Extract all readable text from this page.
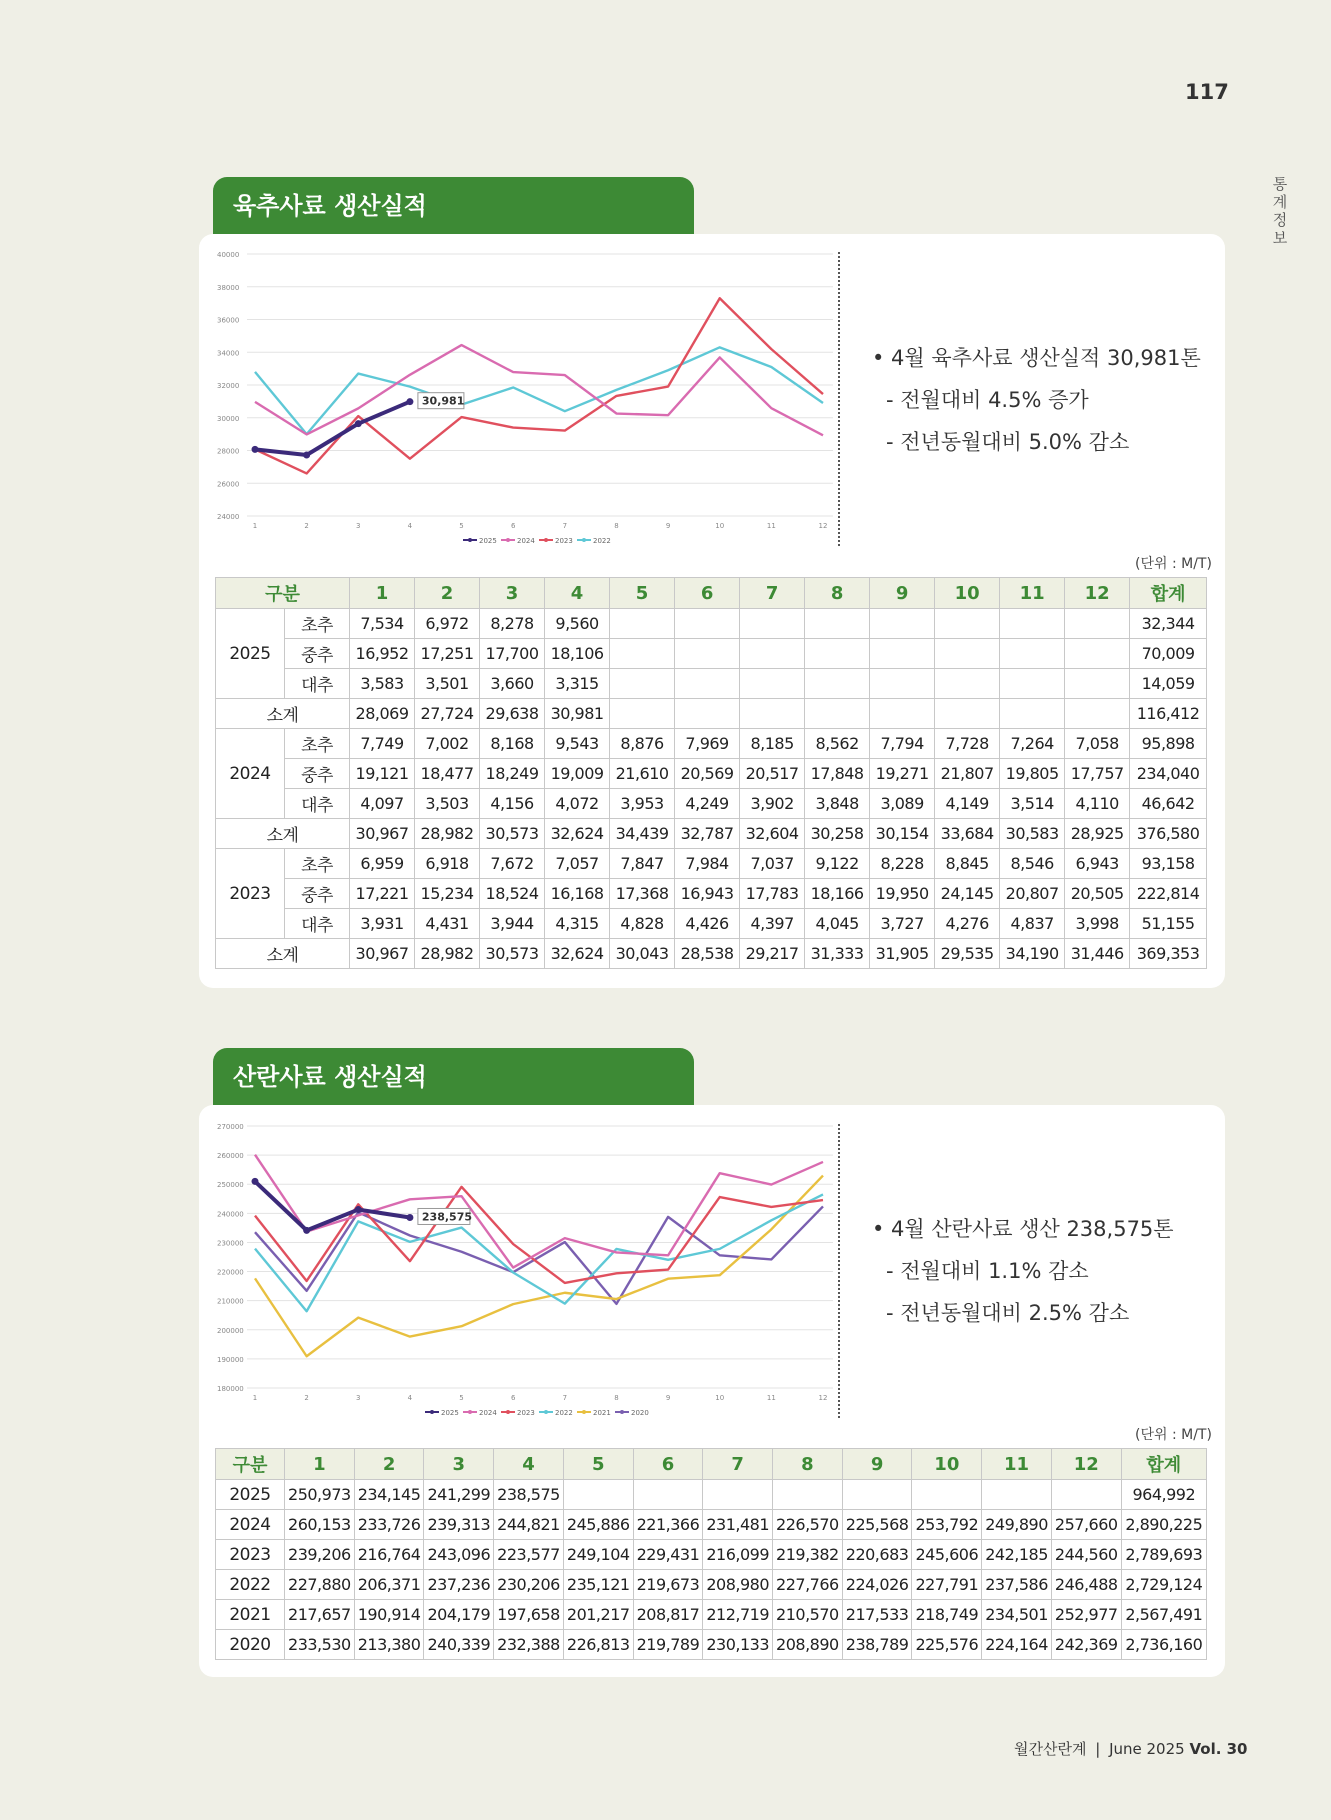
117
통계 정보
육추사료 생산실적
24000
26000
28000
30000
32000
34000
36000
38000
40000
1	2	3	4	5	6	7	8	9	10	11	12
30,981
2025	2024	2023	2022
• 4월 육추사료 생산실적 30,981톤
- 전월대비 4.5% 증가
- 전년동월대비 5.0% 감소
(단위 : M/T)
구분		1	2	3	4	5	6	7	8	9	10	11	12	합계
2025	초추	7,534	6,972	8,278	9,560									32,344
	중추	16,952	17,251	17,700	18,106									70,009
	대추	3,583	3,501	3,660	3,315									14,059
소계		28,069	27,724	29,638	30,981									116,412
2024	초추	7,749	7,002	8,168	9,543	8,876	7,969	8,185	8,562	7,794	7,728	7,264	7,058	95,898
	중추	19,121	18,477	18,249	19,009	21,610	20,569	20,517	17,848	19,271	21,807	19,805	17,757	234,040
	대추	4,097	3,503	4,156	4,072	3,953	4,249	3,902	3,848	3,089	4,149	3,514	4,110	46,642
소계		30,967	28,982	30,573	32,624	34,439	32,787	32,604	30,258	30,154	33,684	30,583	28,925	376,580
2023	초추	6,959	6,918	7,672	7,057	7,847	7,984	7,037	9,122	8,228	8,845	8,546	6,943	93,158
	중추	17,221	15,234	18,524	16,168	17,368	16,943	17,783	18,166	19,950	24,145	20,807	20,505	222,814
	대추	3,931	4,431	3,944	4,315	4,828	4,426	4,397	4,045	3,727	4,276	4,837	3,998	51,155
소계		30,967	28,982	30,573	32,624	30,043	28,538	29,217	31,333	31,905	29,535	34,190	31,446	369,353
산란사료 생산실적
180000
190000
200000
210000
220000
230000
240000
250000
260000
270000
1	2	3	4	5	6	7	8	9	10	11	12
238,575
2025	2024	2023	2022	2021	2020
• 4월 산란사료 생산 238,575톤
- 전월대비 1.1% 감소
- 전년동월대비 2.5% 감소
(단위 : M/T)
구분	1	2	3	4	5	6	7	8	9	10	11	12	합계
2025	250,973	234,145	241,299	238,575									964,992
2024	260,153	233,726	239,313	244,821	245,886	221,366	231,481	226,570	225,568	253,792	249,890	257,660	2,890,225
2023	239,206	216,764	243,096	223,577	249,104	229,431	216,099	219,382	220,683	245,606	242,185	244,560	2,789,693
2022	227,880	206,371	237,236	230,206	235,121	219,673	208,980	227,766	224,026	227,791	237,586	246,488	2,729,124
2021	217,657	190,914	204,179	197,658	201,217	208,817	212,719	210,570	217,533	218,749	234,501	252,977	2,567,491
2020	233,530	213,380	240,339	232,388	226,813	219,789	230,133	208,890	238,789	225,576	224,164	242,369	2,736,160
월간산란계 | June 2025 Vol. 30
